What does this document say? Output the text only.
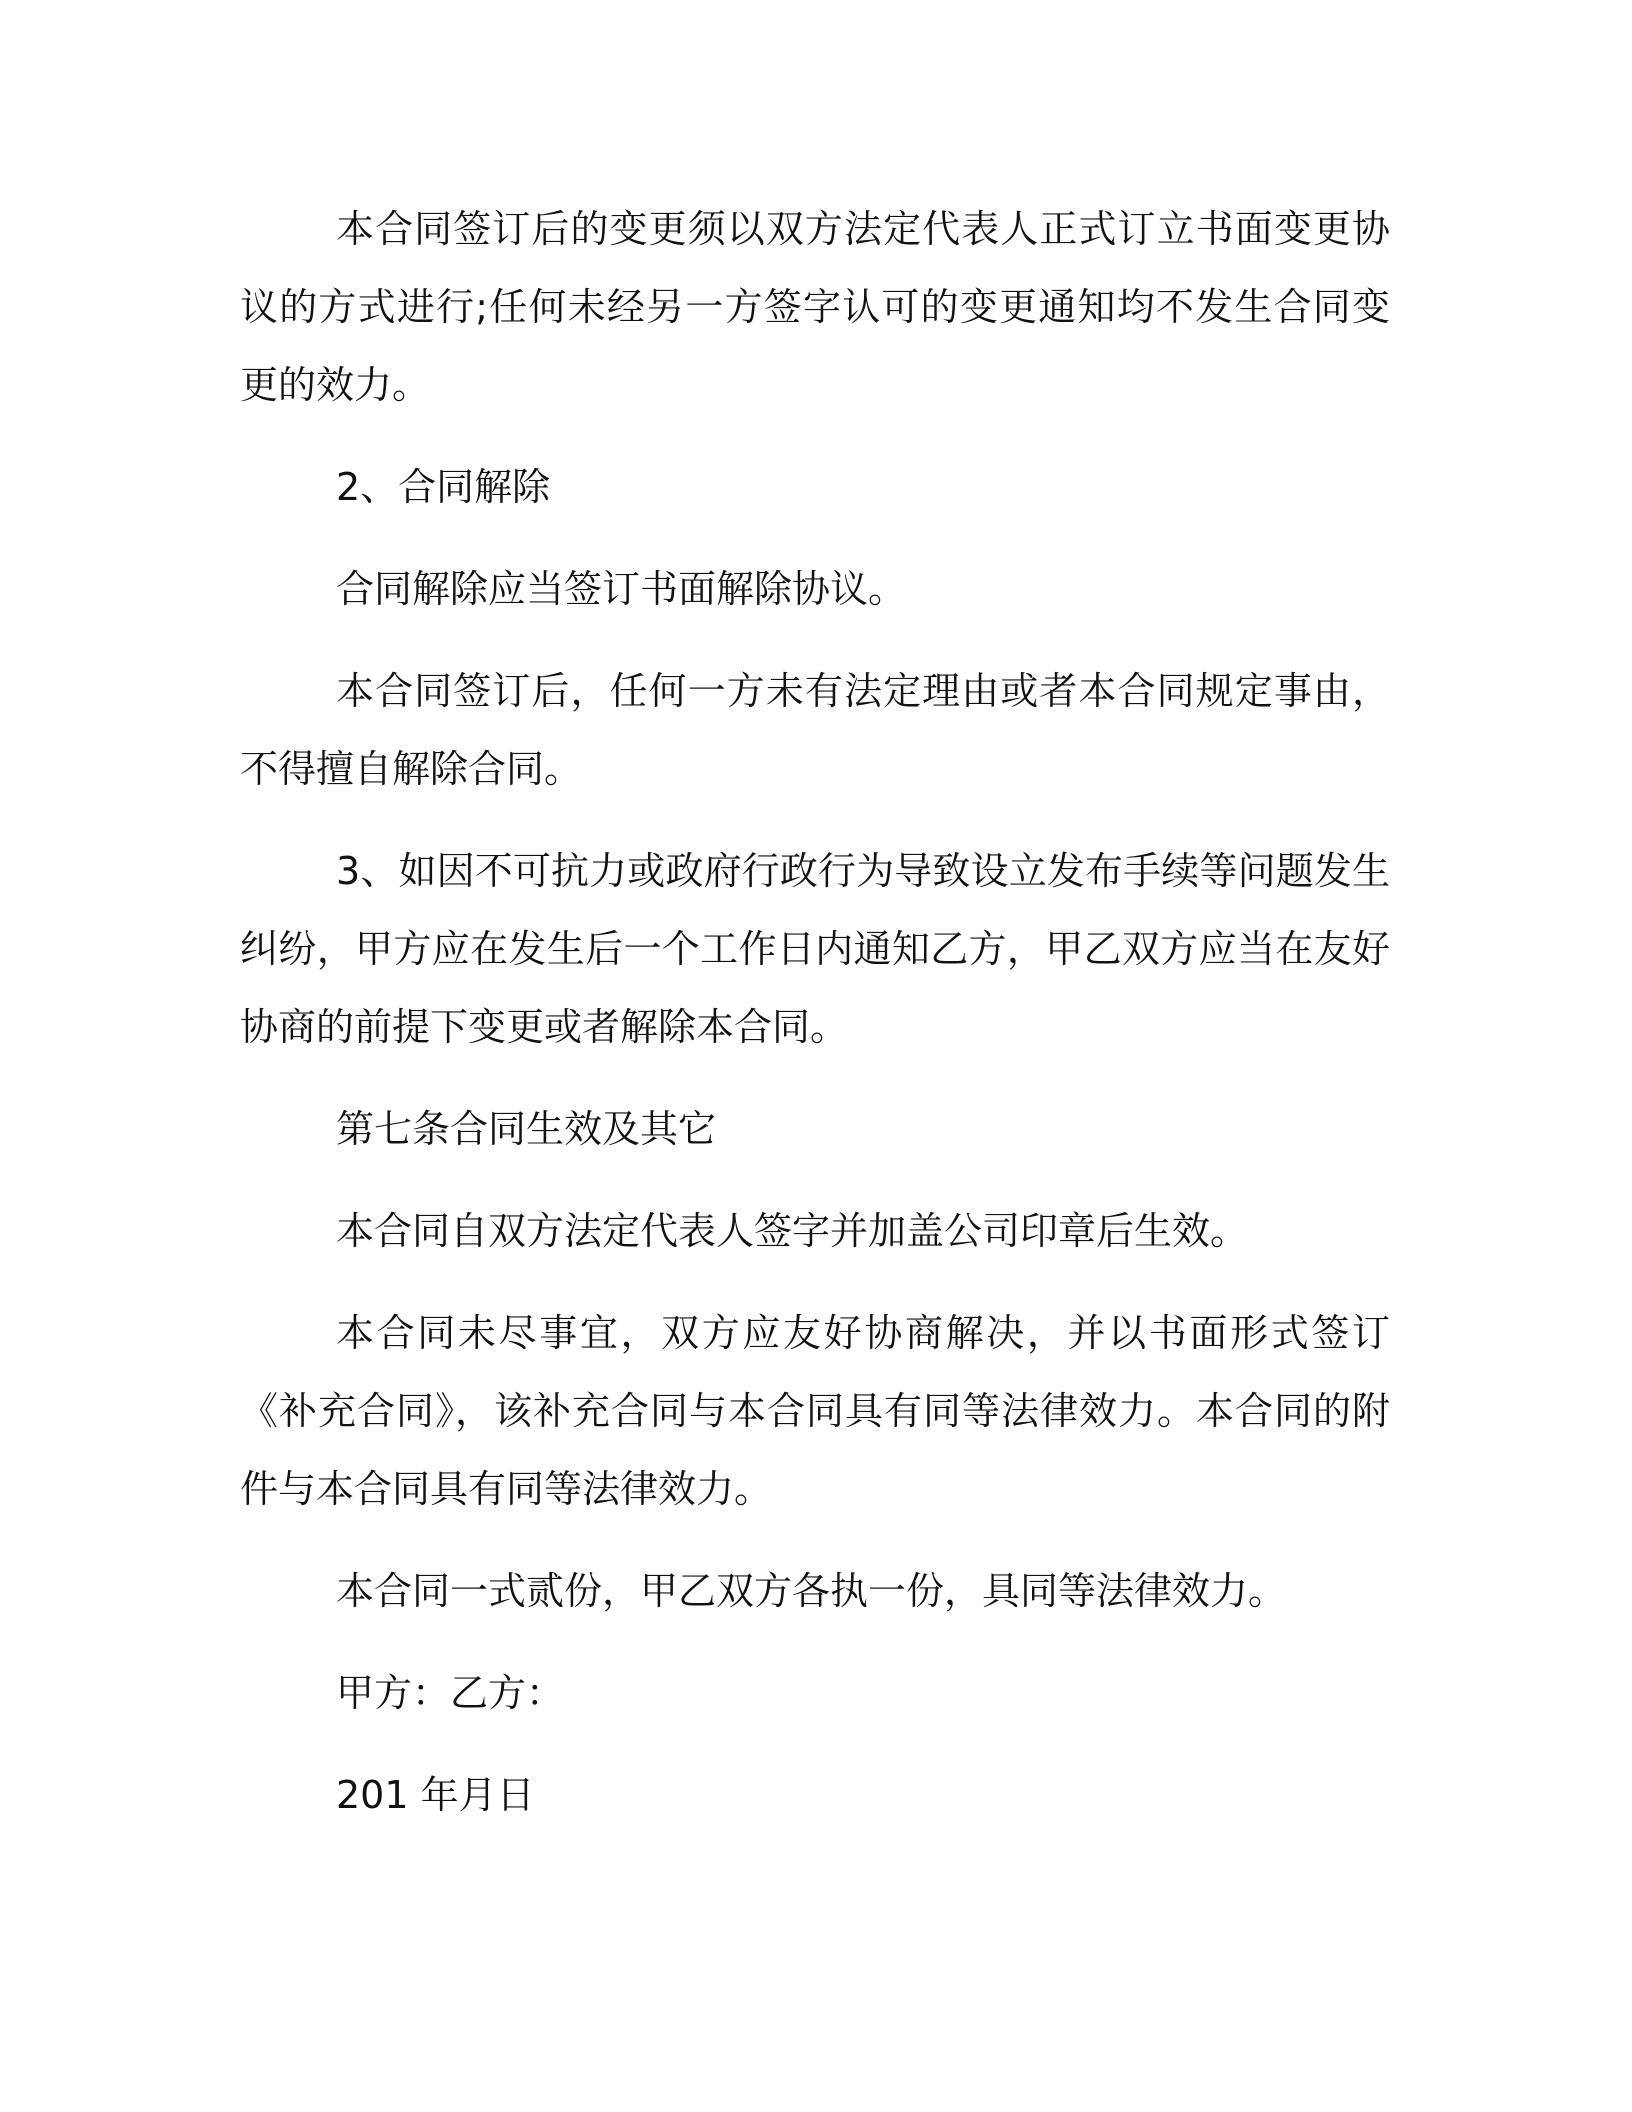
本合同签订后的变更须以双方法定代表人正式订立书面变更协议的方式进行;任何未经另一方签字认可的变更通知均不发生合同变更的效力。

2、合同解除

合同解除应当签订书面解除协议。

本合同签订后，任何一方未有法定理由或者本合同规定事由，不得擅自解除合同。

3、如因不可抗力或政府行政行为导致设立发布手续等问题发生纠纷，甲方应在发生后一个工作日内通知乙方，甲乙双方应当在友好协商的前提下变更或者解除本合同。

第七条合同生效及其它

本合同自双方法定代表人签字并加盖公司印章后生效。

本合同未尽事宜，双方应友好协商解决，并以书面形式签订《补充合同》，该补充合同与本合同具有同等法律效力。本合同的附件与本合同具有同等法律效力。

本合同一式贰份，甲乙双方各执一份，具同等法律效力。

甲方：乙方：

201 年月日
